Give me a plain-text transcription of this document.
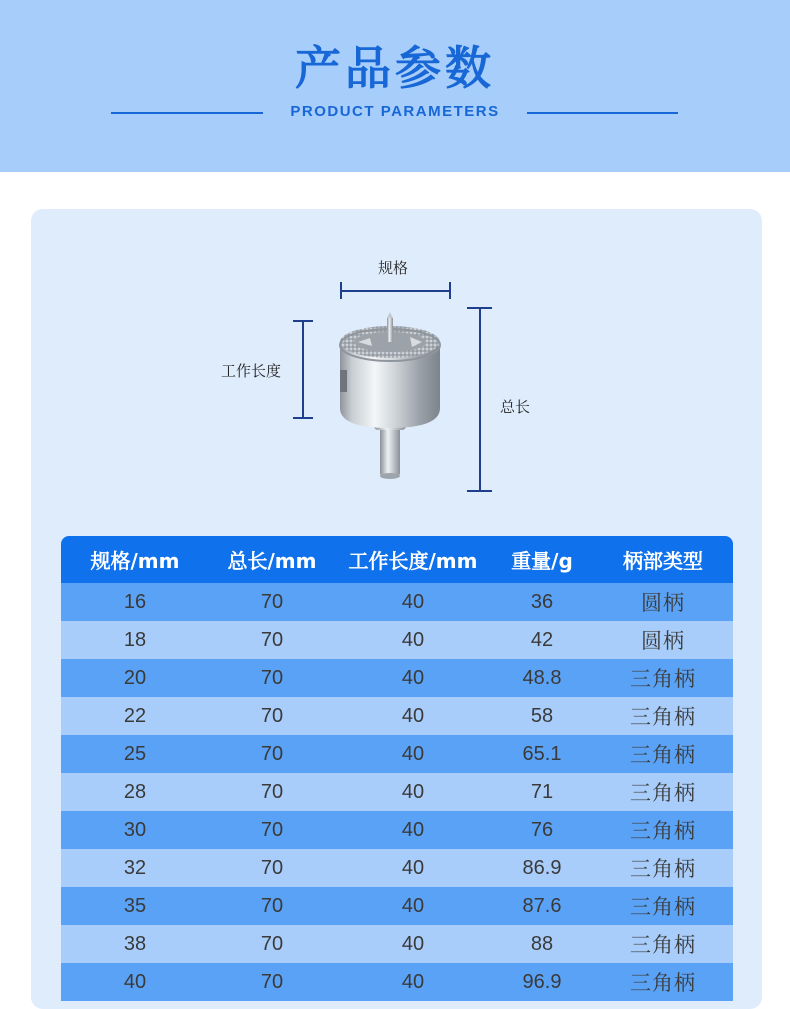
产品参数
PRODUCT PARAMETERS
规格
工作长度
总长
规格/mm	总长/mm	工作长度/mm	重量/g	柄部类型
16	70	40	36	圆柄
18	70	40	42	圆柄
20	70	40	48.8	三角柄
22	70	40	58	三角柄
25	70	40	65.1	三角柄
28	70	40	71	三角柄
30	70	40	76	三角柄
32	70	40	86.9	三角柄
35	70	40	87.6	三角柄
38	70	40	88	三角柄
40	70	40	96.9	三角柄
